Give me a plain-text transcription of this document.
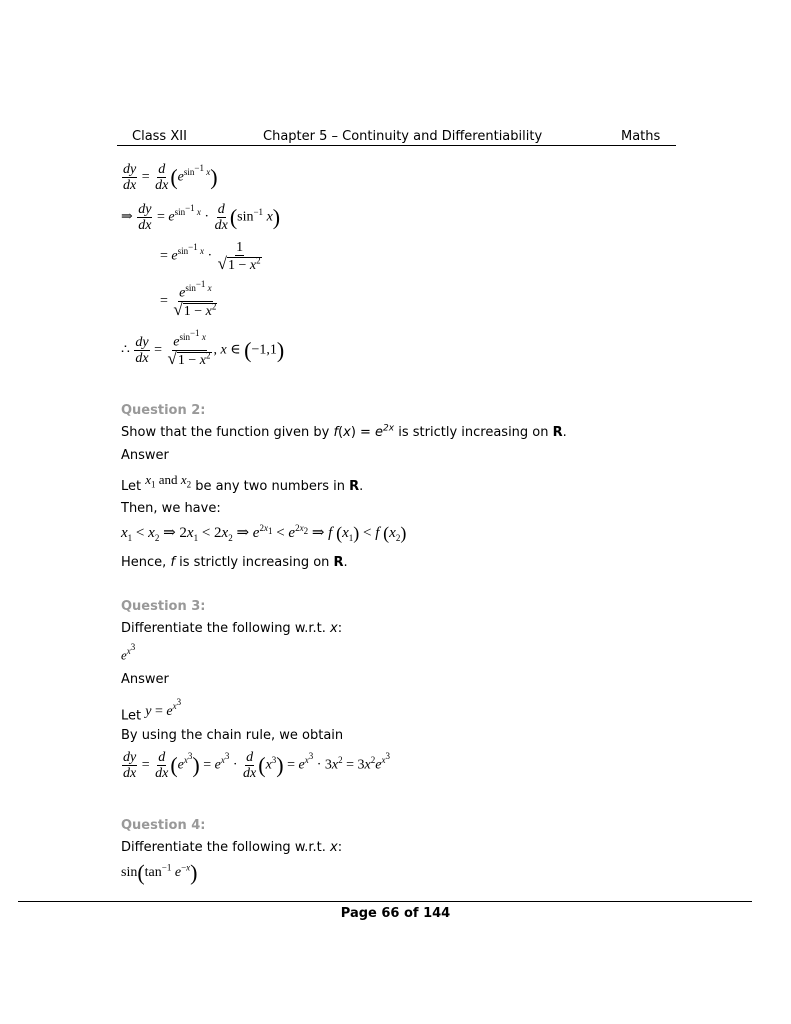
Class XII	Chapter 5 – Continuity and Differentiability	Maths
$\frac{dy}{dx} = \frac{d}{dx} (e^{sin^{-1} x})$
⇒ $\frac{dy}{dx} = e^{sin^{-1} x} \cdot \frac{d}{dx} (\sin^{-1}$ x)
= $e^{sin^{-1} x} \cdot \frac{1}{√1 - x^2}$
= $\frac{e^{sin^{-1} x}}{√1 - x^2}$
∴ $\frac{dy}{dx} = \frac{e^{sin^{-1} x}}{√1 - x^2}$ , x ∈ (−1,1)
Question 2:
Show that the function given by $f(x) = e^{2x}$ is strictly increasing on R.
Answer
Let $x_1$ and $x_2$ be any two numbers in R.
Then, we have:
$x_1 < x_2$ ⇒ $2x_1 < 2x_2$ ⇒ $e^{2x_1} < e^{2x_2}$ ⇒ f $(x_1) < f$ $(x_2)$
Hence, f is strictly increasing on R.
Question 3:
Differentiate the following w.r.t. x:
$e^{x^3}$
Answer
Let $y = e^{x^3}$
By using the chain rule, we obtain
$\frac{dy}{dx} = \frac{d}{dx} (e^{x^3}) = e^{x^3} \cdot \frac{d}{dx} (x^3) = e^{x^3} \cdot 3x^2 = 3x^2e^{x^3}$
Question 4:
Differentiate the following w.r.t. x:
$\sin(\tan^{-1}$ $e^{-x}$)
Page 66 of 144
